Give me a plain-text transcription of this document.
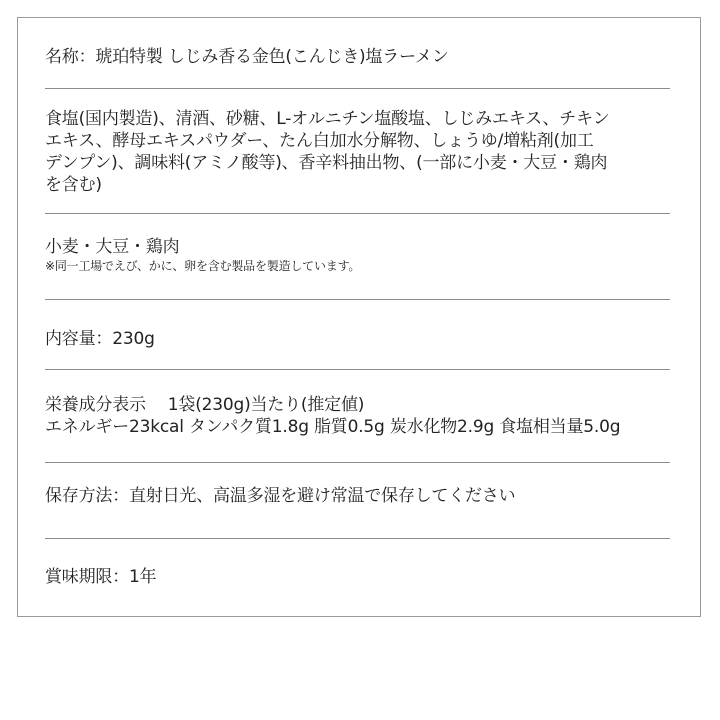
名称：琥珀特製 しじみ香る金色(こんじき)塩ラーメン
食塩(国内製造)、清酒、砂糖、L-オルニチン塩酸塩、しじみエキス、チキン
エキス、酵母エキスパウダー、たん白加水分解物、しょうゆ/増粘剤(加工
デンプン)、調味料(アミノ酸等)、香辛料抽出物、(一部に小麦・大豆・鶏肉
を含む)
小麦・大豆・鶏肉
※同一工場でえび、かに、卵を含む製品を製造しています。
内容量：230g
栄養成分表示　 1袋(230g)当たり(推定値)
エネルギー23kcal タンパク質1.8g 脂質0.5g 炭水化物2.9g 食塩相当量5.0g
保存方法：直射日光、高温多湿を避け常温で保存してください
賞味期限：1年
